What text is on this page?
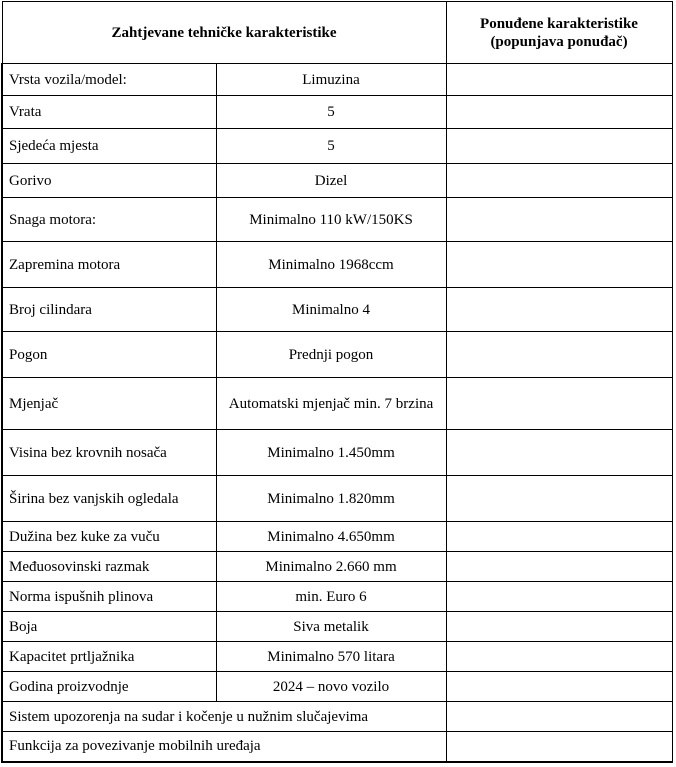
Zahtjevane tehničke karakteristike		Ponuđene karakteristike
(popunjava ponuđač)

Vrsta vozila/model:	Limuzina	
Vrata	5	
Sjedeća mjesta	5	
Gorivo	Dizel	
Snaga motora:	Minimalno 110 kW/150KS	
Zapremina motora	Minimalno 1968ccm	
Broj cilindara	Minimalno 4	
Pogon	Prednji pogon	
Mjenjač	Automatski mjenjač min. 7 brzina	
Visina bez krovnih nosača	Minimalno 1.450mm	
Širina bez vanjskih ogledala	Minimalno 1.820mm	
Dužina bez kuke za vuču	Minimalno 4.650mm	
Međuosovinski razmak	Minimalno 2.660 mm	
Norma ispušnih plinova	min. Euro 6	
Boja	Siva metalik	
Kapacitet prtljažnika	Minimalno 570 litara	
Godina proizvodnje	2024 – novo vozilo	
Sistem upozorenja na sudar i kočenje u nužnim slučajevima		
Funkcija za povezivanje mobilnih uređaja		
